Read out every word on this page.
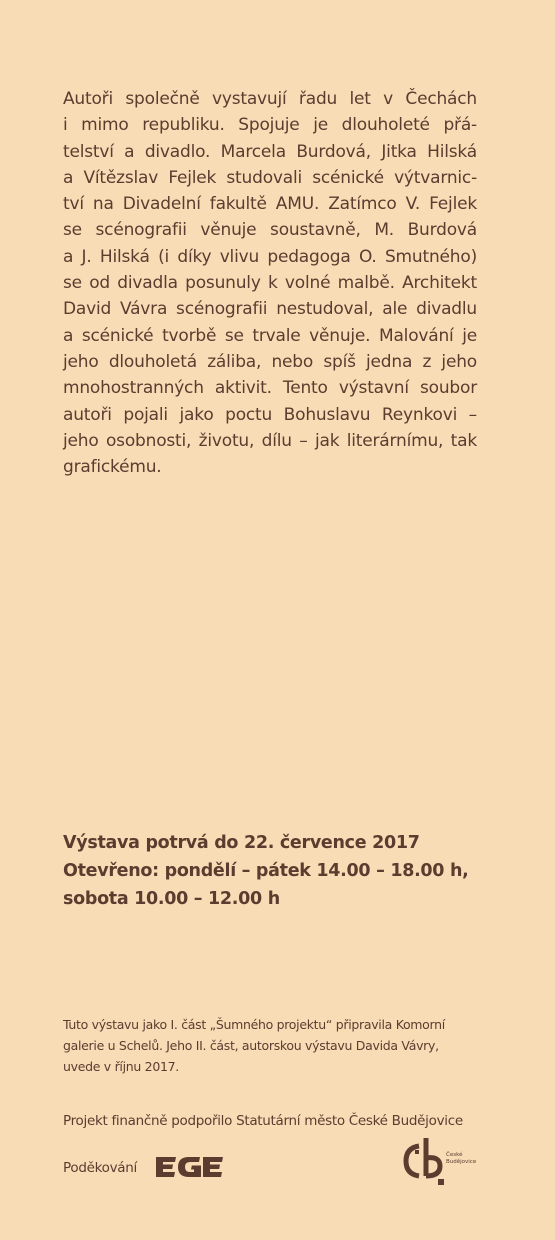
Autoři společně vystavují řadu let v Čechách
i mimo republiku. Spojuje je dlouholeté přá-
telství a divadlo. Marcela Burdová, Jitka Hilská
a Vítězslav Fejlek studovali scénické výtvarnic-
tví na Divadelní fakultě AMU. Zatímco V. Fejlek
se scénografii věnuje soustavně, M. Burdová
a J. Hilská (i díky vlivu pedagoga O. Smutného)
se od divadla posunuly k volné malbě. Architekt
David Vávra scénografii nestudoval, ale divadlu
a scénické tvorbě se trvale věnuje. Malování je
jeho dlouholetá záliba, nebo spíš jedna z jeho
mnohostranných aktivit. Tento výstavní soubor
autoři pojali jako poctu Bohuslavu Reynkovi –
jeho osobnosti, životu, dílu – jak literárnímu, tak
grafickému.
Výstava potrvá do 22. července 2017
Otevřeno: pondělí – pátek 14.00 – 18.00 h,
sobota 10.00 – 12.00 h
Tuto výstavu jako I. část „Šumného projektu“ připravila Komorní
galerie u Schelů. Jeho II. část, autorskou výstavu Davida Vávry,
uvede v říjnu 2017.
Projekt finančně podpořilo Statutární město České Budějovice
Poděkování
České
Budějovice
